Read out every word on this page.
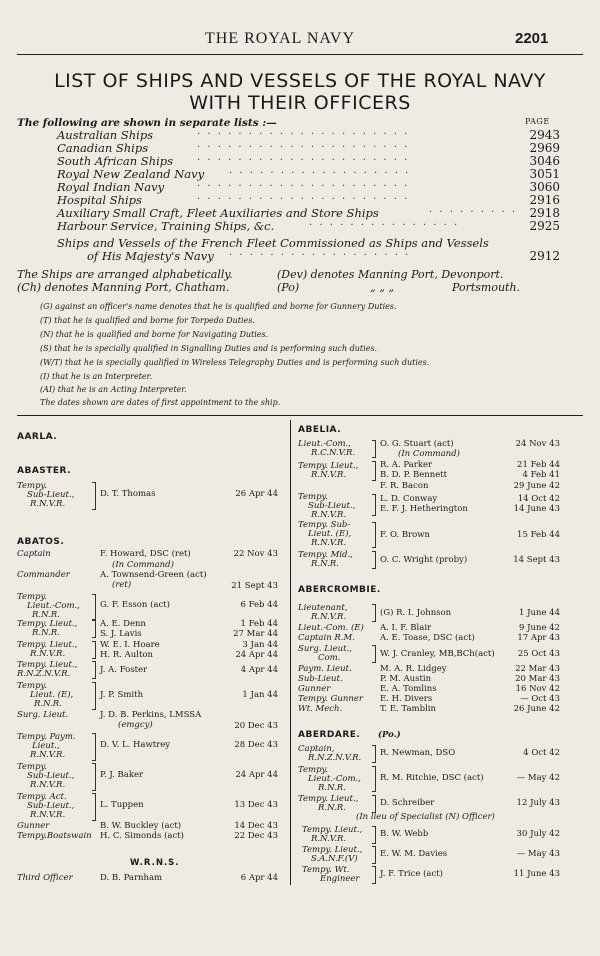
THE ROYAL NAVY	2201
LIST OF SHIPS AND VESSELS OF THE ROYAL NAVY
WITH THEIR OFFICERS
The following are shown in separate lists :—	PAGE
Australian Ships	. . . . . . . . . . . . . . . . . . . . .	2943
Canadian Ships	. . . . . . . . . . . . . . . . . . . . .	2969
South African Ships . . . . . . . . . . . . . . . . . . . . .	3046
Royal New Zealand Navy . . . . . . . . . . . . . . . . . .	3051
Royal Indian Navy	. . . . . . . . . . . . . . . . . . . . .	3060
Hospital Ships	. . . . . . . . . . . . . . . . . . . . .	2916
Auxiliary Small Craft, Fleet Auxiliaries and Store Ships	. . . . . . . . . 2918
Harbour Service, Training Ships, &c.	. . . . . . . . . . . . . . .	2925
Ships and Vessels of the French Fleet Commissioned as Ships and Vessels
of His Majesty's Navy . . . . . . . . . . . . . . . . . .	2912
The Ships are arranged alphabetically.	(Dev) denotes Manning Port, Devonport.
(Ch) denotes Manning Port, Chatham.	(Po)	„ „ „	Portsmouth.
(G) against an officer's name denotes that he is qualified and borne for Gunnery Duties.
(T) that he is qualified and borne for Torpedo Duties.
(N) that he is qualified and borne for Navigating Duties.
(S) that he is specially qualified in Signalling Duties and is performing such duties.
(W/T) that he is specially qualified in Wireless Telegraphy Duties and is performing such duties.
(I) that he is an Interpreter.
(AI) that he is an Acting Interpreter.
The dates shown are dates of first appointment to the ship.
AARLA.
ABASTER.
Tempy.
Sub-Lieut.,
R.N.V.R.
D. T. Thomas	26 Apr 44
ABATOS.
Captain	F. Howard, DSC (ret)	22 Nov 43
(In Command)
Commander	A. Townsend-Green (act)
(ret)	21 Sept 43
Tempy.
Lieut.-Com.,
R.N.R.
G. F. Esson (act)	6 Feb 44
Tempy. Lieut.,
R.N.R.
A. E. Denn	1 Feb 44
S. J. Lavis	27 Mar 44
Tempy. Lieut.,
R.N.V.R.
W. E. I. Hoare	3 Jan 44
H. R. Aulton	24 Apr 44
Tempy. Lieut.,
R.N.Z.N.V.R.	J. A. Foster	4 Apr 44
Tempy.
Lieut. (E),
R.N.R.
J. P. Smith	1 Jan 44
Surg. Lieut.	J. D. B. Perkins, LMSSA
(emgcy)	20 Dec 43
Tempy. Paym.
Lieut.,
R.N.V.R.
D. V. L. Hawtrey	28 Dec 43
Tempy.
Sub-Lieut.,
R.N.V.R.
P. J. Baker	24 Apr 44
Tempy. Act.
Sub-Lieut.,
R.N.V.R.
L. Tuppen	13 Dec 43
Gunner	B. W. Buckley (act)	14 Dec 43
Tempy.Boatswain H. C. Simonds (act)	22 Dec 43
W.R.N.S.
Third Officer	D. B. Parnham	6 Apr 44
ABELIA.
Lieut.-Com.,
R.C.N.V.R.
O. G. Stuart (act)	24 Nov 43
(In Command)
Tempy. Lieut.,
R.N.V.R.
R. A. Parker	21 Feb 44
B. D. P. Bennett	4 Feb 41
F. R. Bacon	29 June 42
Tempy.
Sub-Lieut.,
R.N.V.R.
L. D. Conway	14 Oct 42
E. F. J. Hetherington	14 June 43
Tempy. Sub-
Lieut. (E),
R.N.V.R.
F. O. Brown	15 Feb 44
Tempy. Mid.,
R.N.R.	O. C. Wright (proby)	14 Sept 43
ABERCROMBIE.
Lieutenant,
R.N.V.R.	(G) R. I. Johnson	1 June 44
Lieut.-Com. (E) A. I. F. Blair	9 June 42
Captain R.M.	A. E. Toase, DSC (act)	17 Apr 43
Surg. Lieut.,
Com.	W. J. Cranley, MB,BCh(act)	25 Oct 43
Paym. Lieut.	M. A. R. Lidgey	22 Mar 43
Sub-Lieut.	P. M. Austin	20 Mar 43
Gunner	E. A. Tomlins	16 Nov 42
Tempy. Gunner E. H. Divers	— Oct 43
Wt. Mech.	T. E. Tamblin	26 June 42
ABERDARE. (Po.)
Captain,
R.N.Z.N.V.R. R. Newman, DSO	4 Oct 42
Tempy.
Lieut.-Com.,
R.N.R.
R. M. Ritchie, DSC (act)	— May 42
Tempy. Lieut.,
R.N.R.	D. Schreiber	12 July 43
(In lieu of Specialist (N) Officer)
Tempy. Lieut.,
R.N.V.R.	B. W. Webb	30 July 42
Tempy. Lieut.,
S.A.N.F.(V)	E. W. M. Davies	— May 43
Tempy. Wt.
Engineer J. F. Trice (act)	11 June 43
